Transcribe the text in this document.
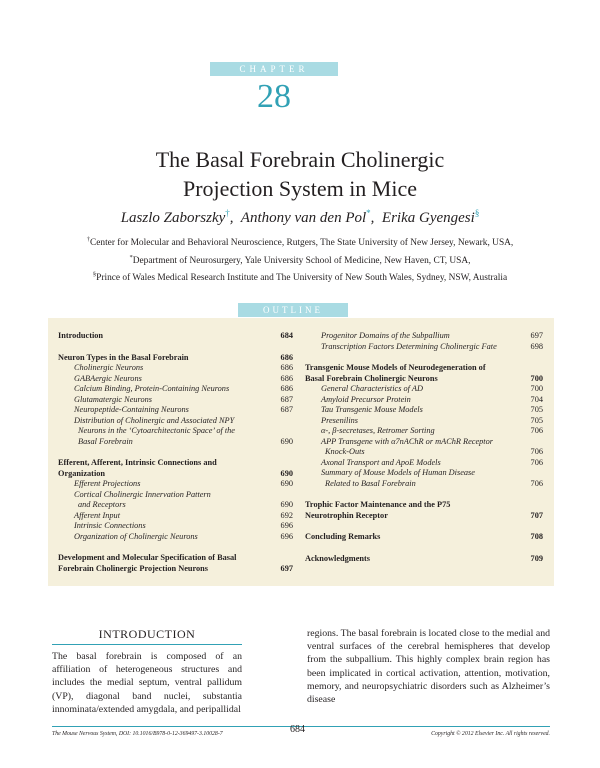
CHAPTER
28
The Basal Forebrain Cholinergic
Projection System in Mice
Laszlo Zaborszky†,  Anthony van den Pol*,  Erika Gyengesi§
†Center for Molecular and Behavioral Neuroscience, Rutgers, The State University of New Jersey, Newark, USA,
*Department of Neurosurgery, Yale University School of Medicine, New Haven, CT, USA,
§Prince of Wales Medical Research Institute and The University of New South Wales, Sydney, NSW, Australia
OUTLINE
Introduction	684
Neuron Types in the Basal Forebrain	686
Cholinergic Neurons	686
GABAergic Neurons	686
Calcium Binding, Protein-Containing Neurons	686
Glutamatergic Neurons	687
Neuropeptide-Containing Neurons	687
Distribution of Cholinergic and Associated NPY
Neurons in the ‘Cytoarchitectonic Space’ of the
Basal Forebrain	690
Efferent, Afferent, Intrinsic Connections and
Organization	690
Efferent Projections	690
Cortical Cholinergic Innervation Pattern
and Receptors	690
Afferent Input	692
Intrinsic Connections	696
Organization of Cholinergic Neurons	696
Development and Molecular Specification of Basal
Forebrain Cholinergic Projection Neurons	697
Progenitor Domains of the Subpallium	697
Transcription Factors Determining Cholinergic Fate	698
Transgenic Mouse Models of Neurodegeneration of
Basal Forebrain Cholinergic Neurons	700
General Characteristics of AD	700
Amyloid Precursor Protein	704
Tau Transgenic Mouse Models	705
Presenilins	705
α-, β-secretases, Retromer Sorting	706
APP Transgene with α7nAChR or mAChR Receptor
Knock-Outs	706
Axonal Transport and ApoE Models	706
Summary of Mouse Models of Human Disease
Related to Basal Forebrain	706
Trophic Factor Maintenance and the P75
Neurotrophin Receptor	707
Concluding Remarks	708
Acknowledgments	709
INTRODUCTION
The basal forebrain is composed of an affiliation of heterogeneous structures and includes the medial septum, ventral pallidum (VP), diagonal band nuclei, substantia innominata/extended amygdala, and peripallidal
regions. The basal forebrain is located close to the medial and ventral surfaces of the cerebral hemispheres that develop from the subpallium. This highly complex brain region has been implicated in cortical activation, attention, motivation, memory, and neuropsychiatric disorders such as Alzheimer’s disease
The Mouse Nervous System, DOI: 10.1016/B978-0-12-369497-3.10028-7	684	Copyright © 2012 Elsevier Inc. All rights reserved.
